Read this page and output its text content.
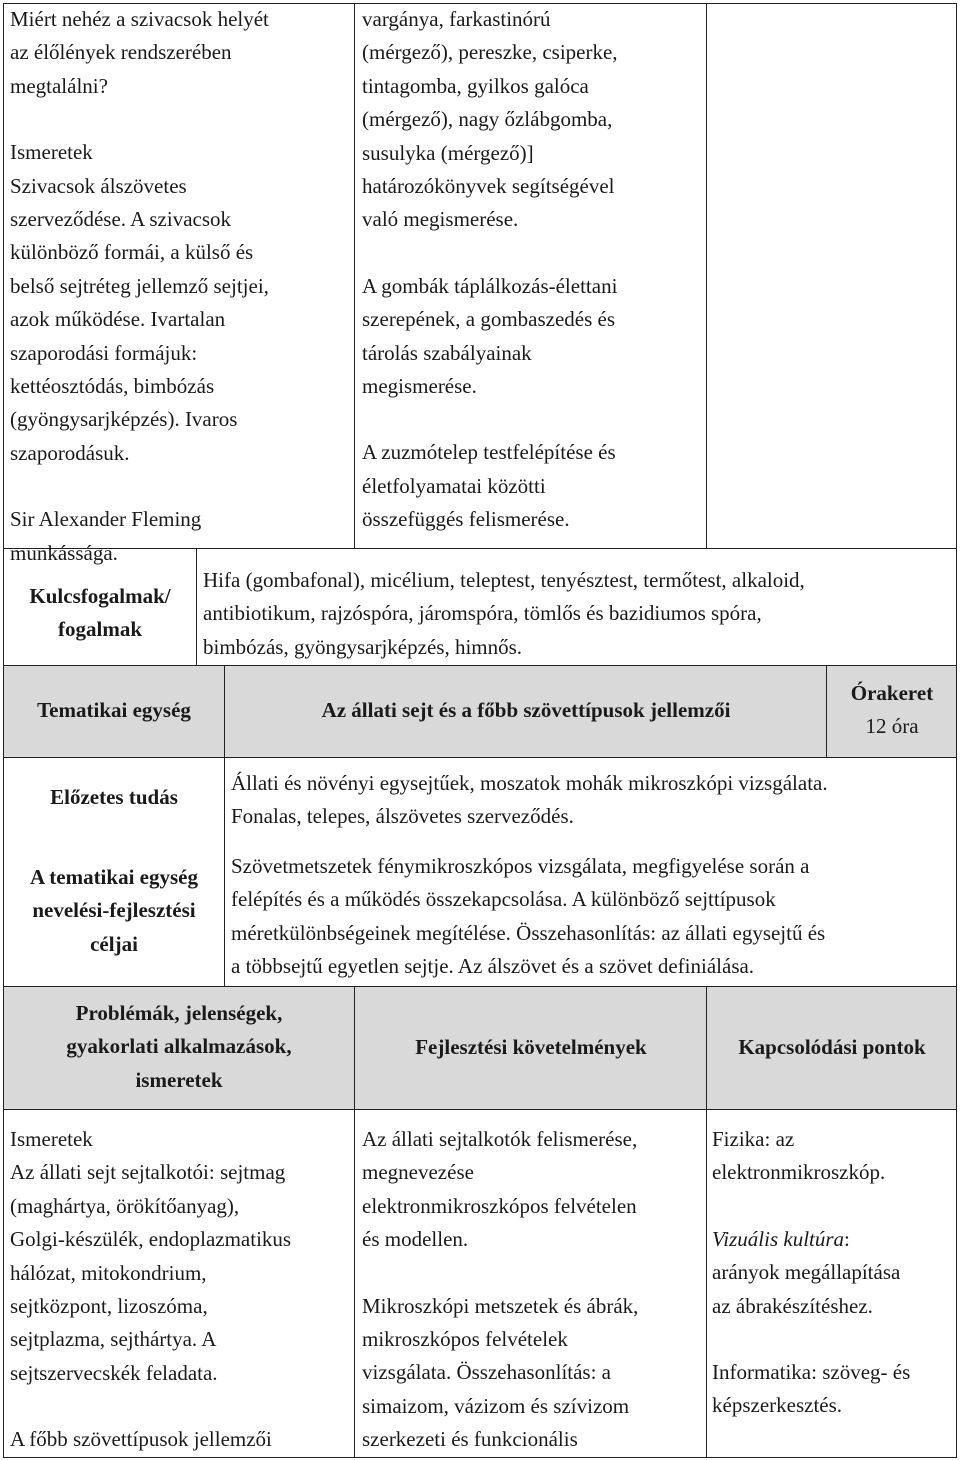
Miért nehéz a szivacsok helyét
az élőlények rendszerében
megtalálni?
Ismeretek
Szivacsok álszövetes
szerveződése. A szivacsok
különböző formái, a külső és
belső sejtréteg jellemző sejtjei,
azok működése. Ivartalan
szaporodási formájuk:
kettéosztódás, bimbózás
(gyöngysarjképzés). Ivaros
szaporodásuk.
Sir Alexander Fleming
munkássága.
vargánya, farkastinórú
(mérgező), pereszke, csiperke,
tintagomba, gyilkos galóca
(mérgező), nagy őzlábgomba,
susulyka (mérgező)]
határozókönyvek segítségével
való megismerése.
A gombák táplálkozás-élettani
szerepének, a gombaszedés és
tárolás szabályainak
megismerése.
A zuzmótelep testfelépítése és
életfolyamatai közötti
összefüggés felismerése.
Kulcsfogalmak/
fogalmak
Hifa (gombafonal), micélium, teleptest, tenyésztest, termőtest, alkaloid,
antibiotikum, rajzóspóra, járomspóra, tömlős és bazidiumos spóra,
bimbózás, gyöngysarjképzés, himnős.
Tematikai egység	Az állati sejt és a főbb szövettípusok jellemzői
Órakeret
12 óra
Előzetes tudás
Állati és növényi egysejtűek, moszatok mohák mikroszkópi vizsgálata.
Fonalas, telepes, álszövetes szerveződés.
A tematikai egység
nevelési-fejlesztési
céljai
Szövetmetszetek fénymikroszkópos vizsgálata, megfigyelése során a
felépítés és a működés összekapcsolása. A különböző sejttípusok
méretkülönbségeinek megítélése. Összehasonlítás: az állati egysejtű és
a többsejtű egyetlen sejtje. Az álszövet és a szövet definiálása.
Problémák, jelenségek,
gyakorlati alkalmazások,
ismeretek
Fejlesztési követelmények	Kapcsolódási pontok
Ismeretek
Az állati sejt sejtalkotói: sejtmag
(maghártya, örökítőanyag),
Golgi-készülék, endoplazmatikus
hálózat, mitokondrium,
sejtközpont, lizoszóma,
sejtplazma, sejthártya. A
sejtszervecskék feladata.
A főbb szövettípusok jellemzői
Az állati sejtalkotók felismerése,
megnevezése
elektronmikroszkópos felvételen
és modellen.
Mikroszkópi metszetek és ábrák,
mikroszkópos felvételek
vizsgálata. Összehasonlítás: a
simaizom, vázizom és szívizom
szerkezeti és funkcionális
Fizika: az
elektronmikroszkóp.
Vizuális kultúra:
arányok megállapítása
az ábrakészítéshez.
Informatika: szöveg- és
képszerkesztés.
